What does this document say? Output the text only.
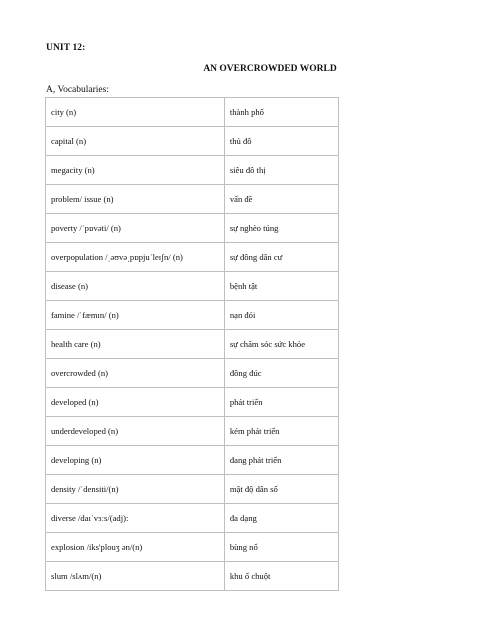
UNIT 12:
AN OVERCROWDED WORLD
A, Vocabularies:
city (n)	thành phố
capital (n)	thủ đô
megacity (n)	siêu đô thị
problem/ issue (n)	vấn đề
poverty /ˈpɒvəti/ (n)	sự nghèo túng
overpopulation /ˌəʊvəˌpɒpjuˈleɪʃn/ (n)	sự đông dân cư
disease (n)	bệnh tật
famine /ˈfæmɪn/ (n)	nạn đói
health care (n)	sự chăm sóc sức khỏe
overcrowded (n)	đông đúc
developed (n)	phát triển
underdeveloped (n)	kém phát triển
developing (n)	đang phát triển
density /ˈdensiti/(n)	mật độ dân số
diverse /daɪˈvɜːs/(adj):	đa dạng
explosion /iks'plouʒ ən/(n)	bùng nổ
slum /slʌm/(n)	khu ổ chuột
